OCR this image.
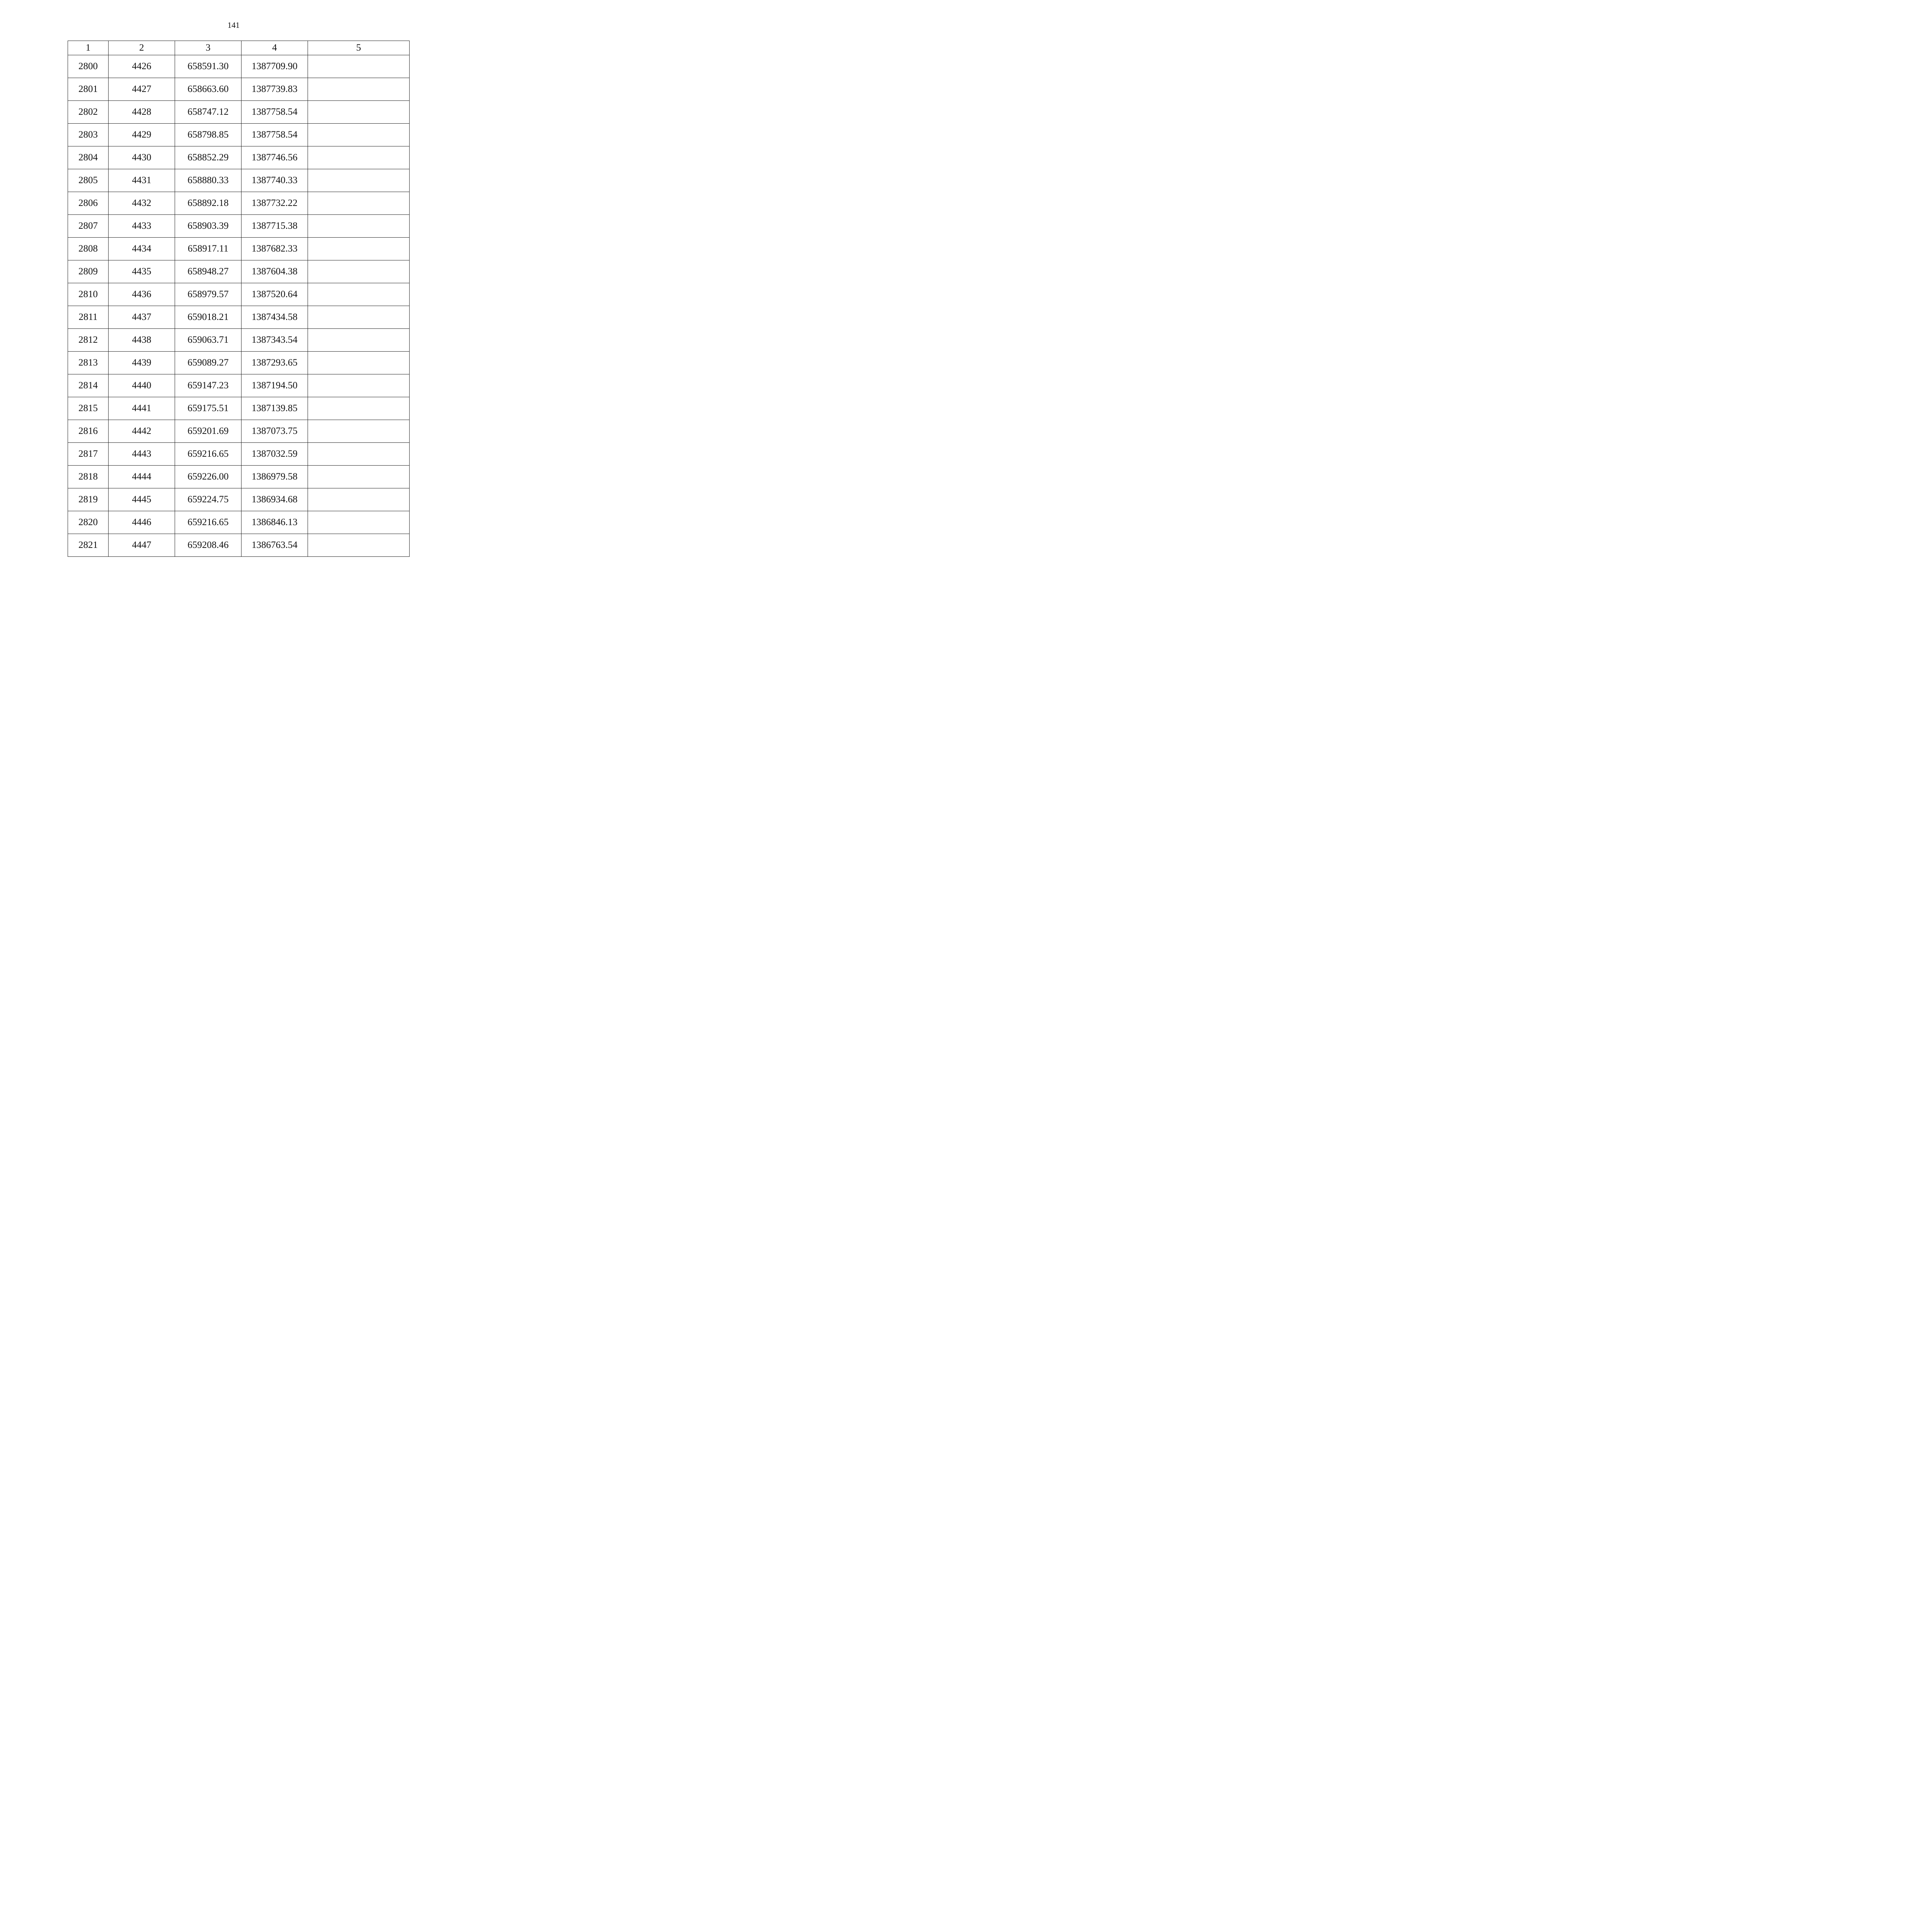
141
1	2	3	4	5
2800	4426	658591.30	1387709.90	
2801	4427	658663.60	1387739.83	
2802	4428	658747.12	1387758.54	
2803	4429	658798.85	1387758.54	
2804	4430	658852.29	1387746.56	
2805	4431	658880.33	1387740.33	
2806	4432	658892.18	1387732.22	
2807	4433	658903.39	1387715.38	
2808	4434	658917.11	1387682.33	
2809	4435	658948.27	1387604.38	
2810	4436	658979.57	1387520.64	
2811	4437	659018.21	1387434.58	
2812	4438	659063.71	1387343.54	
2813	4439	659089.27	1387293.65	
2814	4440	659147.23	1387194.50	
2815	4441	659175.51	1387139.85	
2816	4442	659201.69	1387073.75	
2817	4443	659216.65	1387032.59	
2818	4444	659226.00	1386979.58	
2819	4445	659224.75	1386934.68	
2820	4446	659216.65	1386846.13	
2821	4447	659208.46	1386763.54	
